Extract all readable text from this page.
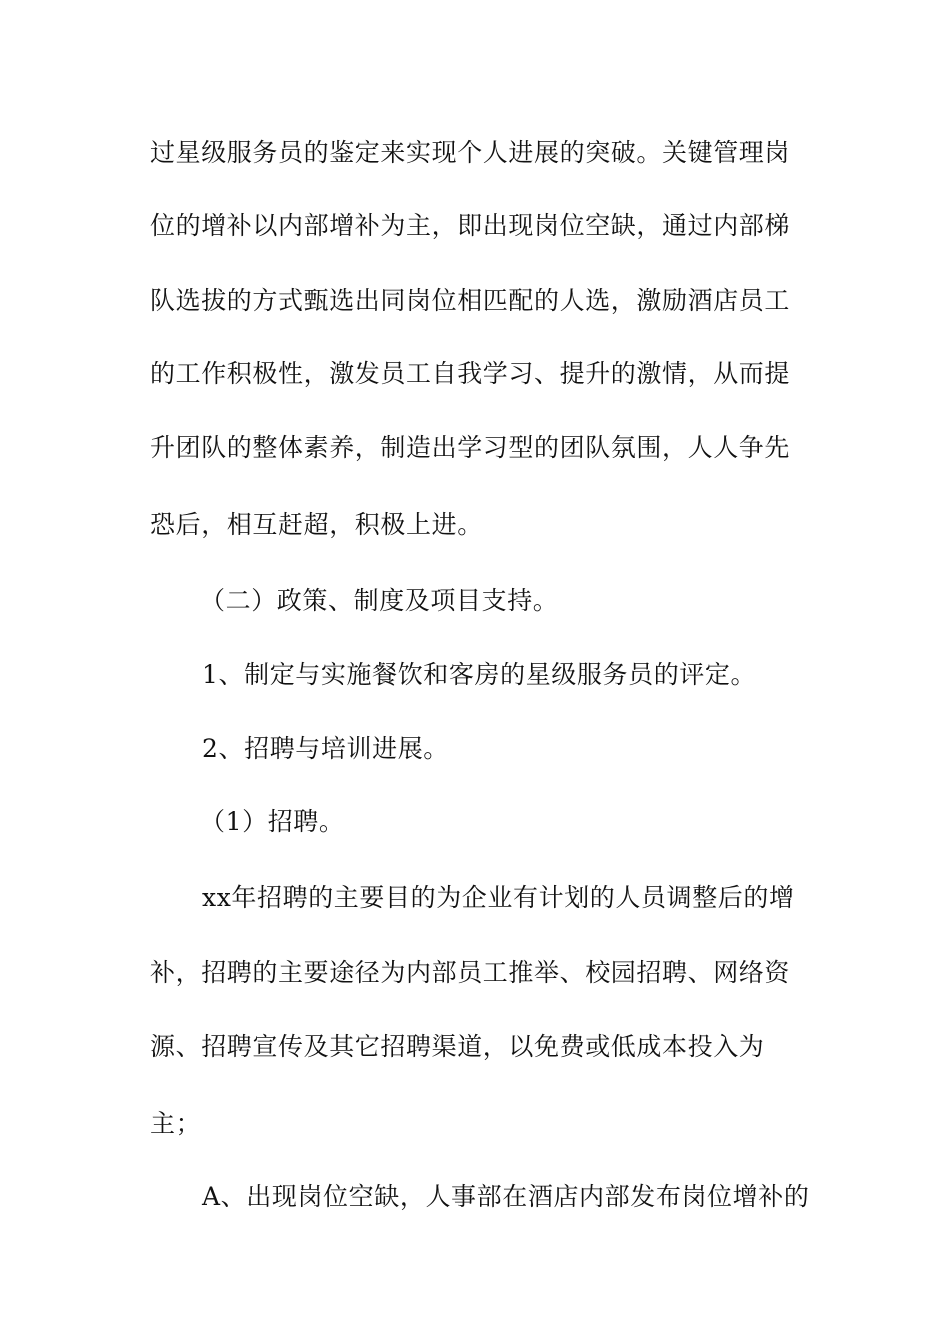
过星级服务员的鉴定来实现个人进展的突破。关键管理岗
位的增补以内部增补为主，即出现岗位空缺，通过内部梯
队选拔的方式甄选出同岗位相匹配的人选，激励酒店员工
的工作积极性，激发员工自我学习、提升的激情，从而提
升团队的整体素养，制造出学习型的团队氛围，人人争先
恐后，相互赶超，积极上进。
（二）政策、制度及项目支持。
1、制定与实施餐饮和客房的星级服务员的评定。
2、招聘与培训进展。
（1）招聘。
xx年招聘的主要目的为企业有计划的人员调整后的增
补，招聘的主要途径为内部员工推举、校园招聘、网络资
源、招聘宣传及其它招聘渠道，以免费或低成本投入为
主；
A、出现岗位空缺，人事部在酒店内部发布岗位增补的
